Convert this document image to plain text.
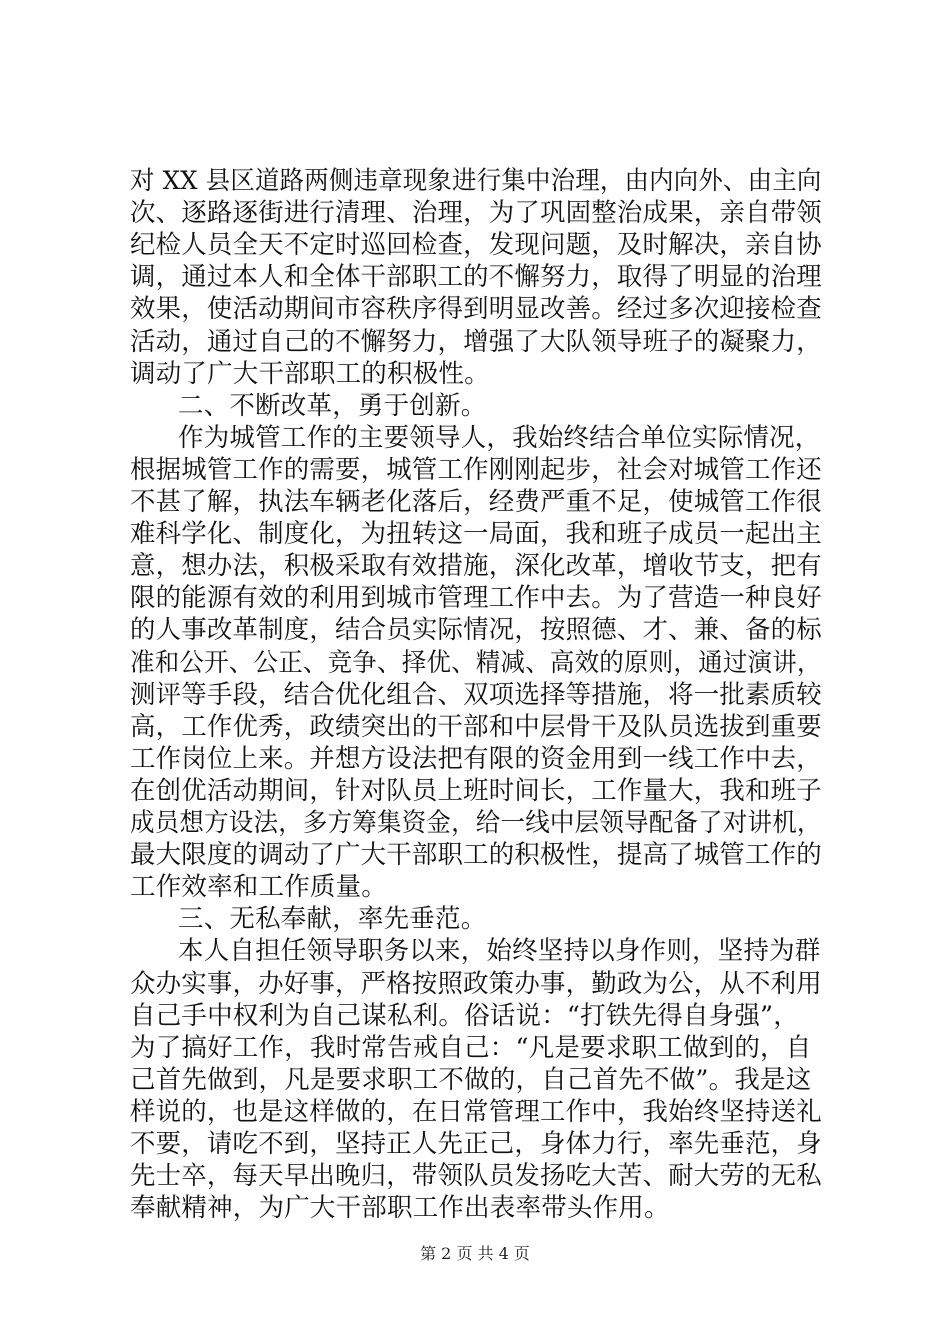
对 XX 县区道路两侧违章现象进行集中治理，由内向外、由主向
次、逐路逐街进行清理、治理，为了巩固整治成果，亲自带领
纪检人员全天不定时巡回检查，发现问题，及时解决，亲自协
调，通过本人和全体干部职工的不懈努力，取得了明显的治理
效果，使活动期间市容秩序得到明显改善。经过多次迎接检查
活动，通过自己的不懈努力，增强了大队领导班子的凝聚力，
调动了广大干部职工的积极性。
二、不断改革，勇于创新。
作为城管工作的主要领导人，我始终结合单位实际情况，
根据城管工作的需要，城管工作刚刚起步，社会对城管工作还
不甚了解，执法车辆老化落后，经费严重不足，使城管工作很
难科学化、制度化，为扭转这一局面，我和班子成员一起出主
意，想办法，积极采取有效措施，深化改革，增收节支，把有
限的能源有效的利用到城市管理工作中去。为了营造一种良好
的人事改革制度，结合员实际情况，按照德、才、兼、备的标
准和公开、公正、竞争、择优、精减、高效的原则，通过演讲，
测评等手段，结合优化组合、双项选择等措施，将一批素质较
高，工作优秀，政绩突出的干部和中层骨干及队员选拔到重要
工作岗位上来。并想方设法把有限的资金用到一线工作中去，
在创优活动期间，针对队员上班时间长，工作量大，我和班子
成员想方设法，多方筹集资金，给一线中层领导配备了对讲机，
最大限度的调动了广大干部职工的积极性，提高了城管工作的
工作效率和工作质量。
三、无私奉献，率先垂范。
本人自担任领导职务以来，始终坚持以身作则，坚持为群
众办实事，办好事，严格按照政策办事，勤政为公，从不利用
自己手中权利为自己谋私利。俗话说：“打铁先得自身强”，
为了搞好工作，我时常告戒自己：“凡是要求职工做到的，自
己首先做到，凡是要求职工不做的，自己首先不做”。我是这
样说的，也是这样做的，在日常管理工作中，我始终坚持送礼
不要，请吃不到，坚持正人先正己，身体力行，率先垂范，身
先士卒，每天早出晚归，带领队员发扬吃大苦、耐大劳的无私
奉献精神，为广大干部职工作出表率带头作用。
第 2 页 共 4 页
